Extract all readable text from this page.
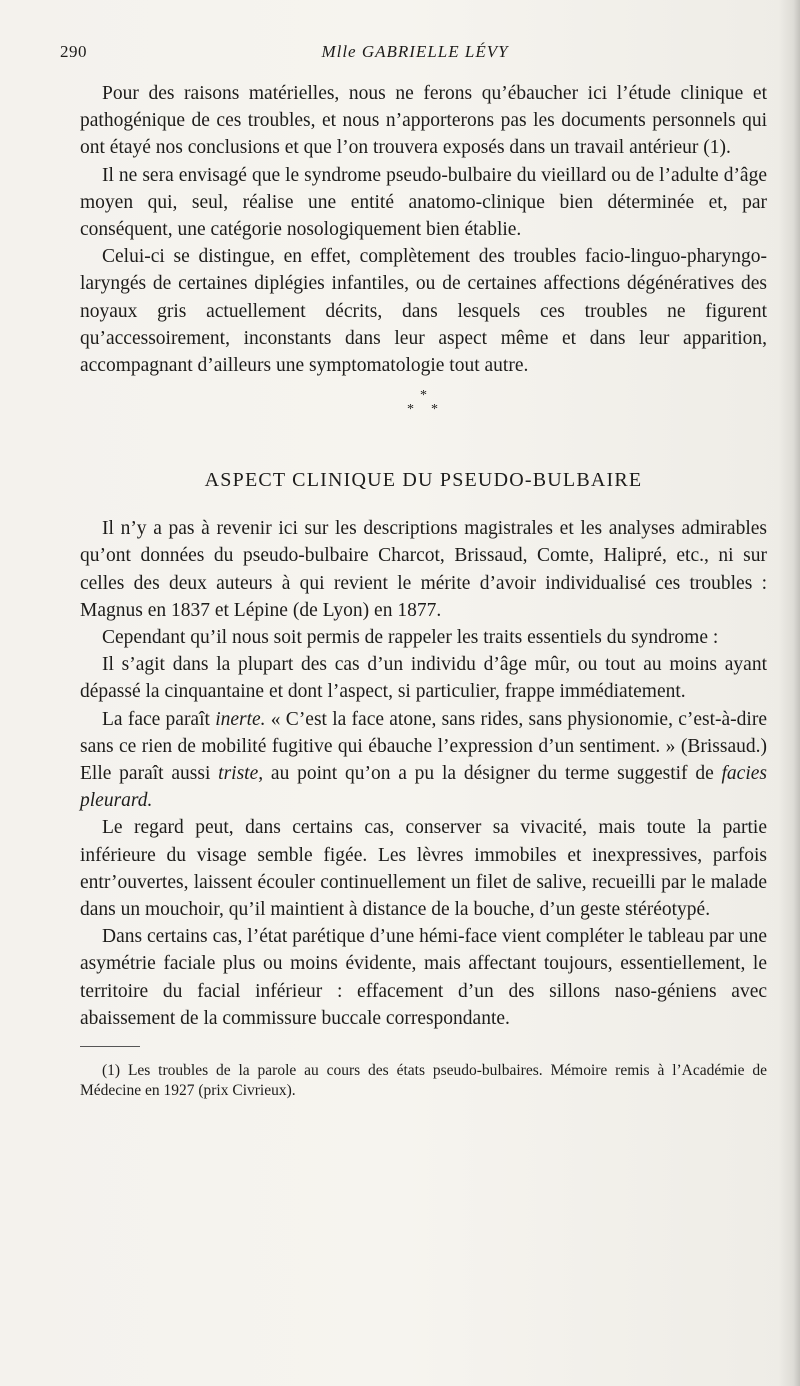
290	Mlle GABRIELLE LÉVY

Pour des raisons matérielles, nous ne ferons qu’ébaucher ici l’étude clinique et pathogénique de ces troubles, et nous n’apporterons pas les documents personnels qui ont étayé nos conclusions et que l’on trouvera exposés dans un travail antérieur (1).

Il ne sera envisagé que le syndrome pseudo-bulbaire du vieillard ou de l’adulte d’âge moyen qui, seul, réalise une entité anatomo-clinique bien déterminée et, par conséquent, une catégorie nosologiquement bien établie.

Celui-ci se distingue, en effet, complètement des troubles facio-linguo-pharyngo-laryngés de certaines diplégies infantiles, ou de certaines affections dégénératives des noyaux gris actuellement décrits, dans lesquels ces troubles ne figurent qu’accessoirement, inconstants dans leur aspect même et dans leur apparition, accompagnant d’ailleurs une symptomatologie tout autre.

*
* *
ASPECT CLINIQUE DU PSEUDO-BULBAIRE

Il n’y a pas à revenir ici sur les descriptions magistrales et les analyses admirables qu’ont données du pseudo-bulbaire Charcot, Brissaud, Comte, Halipré, etc., ni sur celles des deux auteurs à qui revient le mérite d’avoir individualisé ces troubles : Magnus en 1837 et Lépine (de Lyon) en 1877.

Cependant qu’il nous soit permis de rappeler les traits essentiels du syndrome :

Il s’agit dans la plupart des cas d’un individu d’âge mûr, ou tout au moins ayant dépassé la cinquantaine et dont l’aspect, si particulier, frappe immédiatement.

La face paraît inerte. « C’est la face atone, sans rides, sans physionomie, c’est-à-dire sans ce rien de mobilité fugitive qui ébauche l’expression d’un sentiment. » (Brissaud.) Elle paraît aussi triste, au point qu’on a pu la désigner du terme suggestif de facies pleurard.

Le regard peut, dans certains cas, conserver sa vivacité, mais toute la partie inférieure du visage semble figée. Les lèvres immobiles et inexpressives, parfois entr’ouvertes, laissent écouler continuellement un filet de salive, recueilli par le malade dans un mouchoir, qu’il maintient à distance de la bouche, d’un geste stéréotypé.

Dans certains cas, l’état parétique d’une hémi-face vient compléter le tableau par une asymétrie faciale plus ou moins évidente, mais affectant toujours, essentiellement, le territoire du facial inférieur : effacement d’un des sillons naso-géniens avec abaissement de la commissure buccale correspondante.

(1) Les troubles de la parole au cours des états pseudo-bulbaires. Mémoire remis à l’Académie de Médecine en 1927 (prix Civrieux).
